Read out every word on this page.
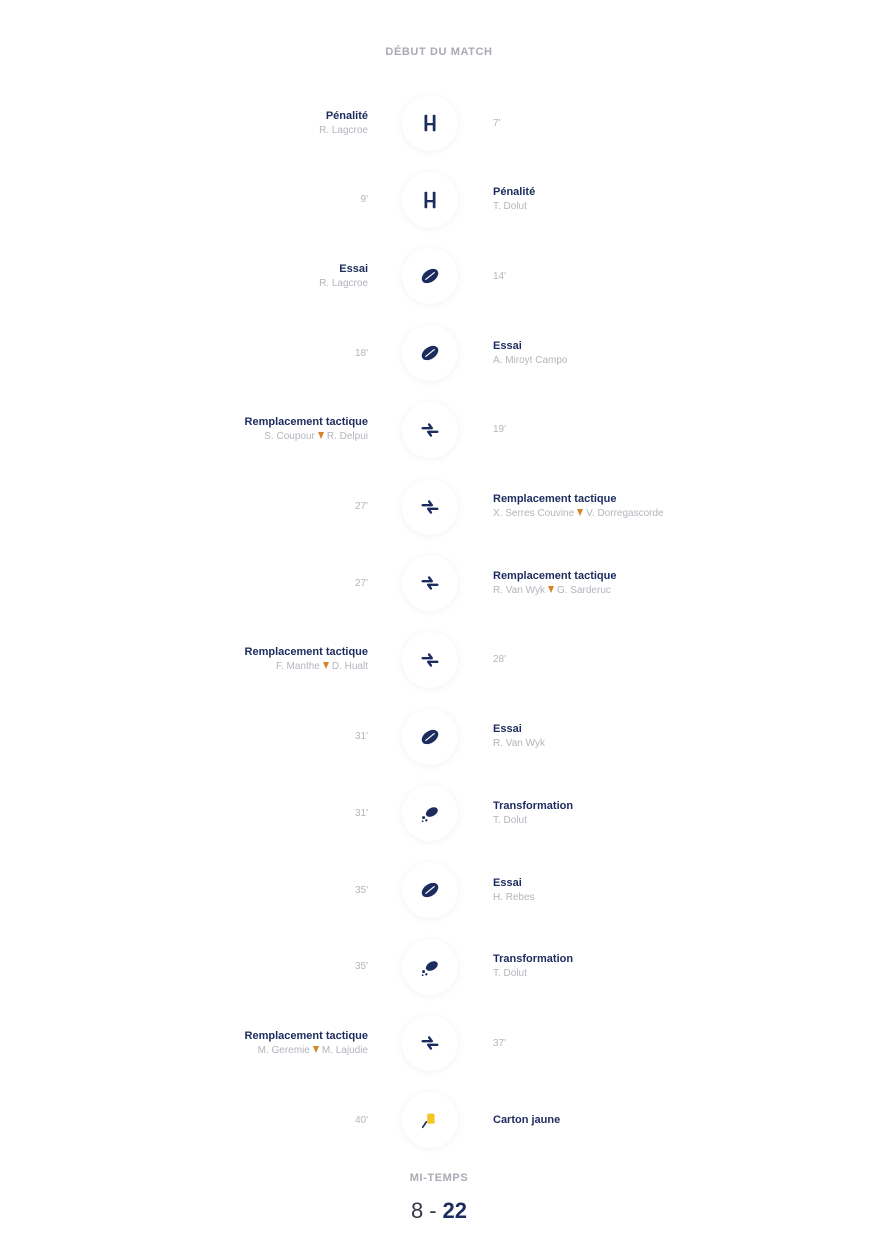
DÉBUT DU MATCH
Pénalité
R. Lagcroe
7'
Pénalité
T. Dolut
9'
Essai
R. Lagcroe
14'
Essai
A. Miroyt Campo
18'
Remplacement tactique
S. Coupour R. Delpui
19'
Remplacement tactique
X. Serres Couvine V. Dorregascorde
27'
Remplacement tactique
R. Van Wyk G. Sarderuc
27'
Remplacement tactique
F. Manthe D. Hualt
28'
Essai
R. Van Wyk
31'
Transformation
T. Dolut
31'
Essai
H. Rebes
35'
Transformation
T. Dolut
35'
Remplacement tactique
M. Geremie M. Lajudie
37'
Carton jaune
40'
MI-TEMPS
8 - 22
